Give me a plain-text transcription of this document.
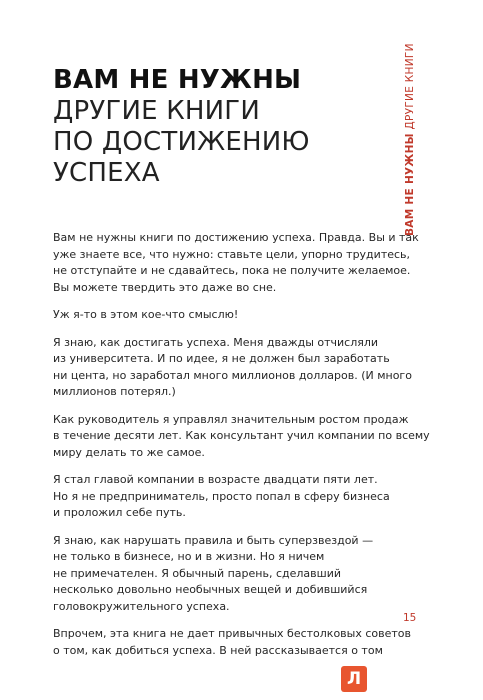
ВАМ НЕ НУЖНЫ
ДРУГИЕ КНИГИ
ПО ДОСТИЖЕНИЮ
УСПЕХА	ВАМ НЕ НУЖНЫ ДРУГИЕ КНИГИ
Вам не нужны книги по достижению успеха. Правда. Вы и так
уже знаете все, что нужно: ставьте цели, упорно трудитесь,
не отступайте и не сдавайтесь, пока не получите желаемое.
Вы можете твердить это даже во сне.
Уж я-то в этом кое-что смыслю!
Я знаю, как достигать успеха. Меня дважды отчисляли
из университета. И по идее, я не должен был заработать
ни цента, но заработал много миллионов долларов. (И много
миллионов потерял.)
Как руководитель я управлял значительным ростом продаж
в течение десяти лет. Как консультант учил компании по всему
миру делать то же самое.
Я стал главой компании в возрасте двадцати пяти лет.
Но я не предприниматель, просто попал в сферу бизнеса
и проложил себе путь.
Я знаю, как нарушать правила и быть суперзвездой —
не только в бизнесе, но и в жизни. Но я ничем
не примечателен. Я обычный парень, сделавший
несколько довольно необычных вещей и добившийся
головокружительного успеха.
Впрочем, эта книга не дает привычных бестолковых советов
о том, как добиться успеха. В ней рассказывается о том
15
Л
